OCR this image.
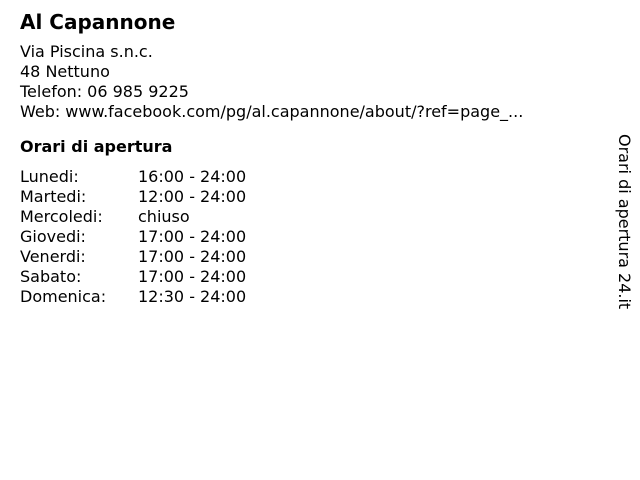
Al Capannone
Via Piscina s.n.c.
48 Nettuno
Telefon: 06 985 9225
Web: www.facebook.com/pg/al.capannone/about/?ref=page_...
Orari di apertura
Lunedi:	16:00 - 24:00
Martedi:	12:00 - 24:00
Mercoledi:	chiuso
Giovedi:	17:00 - 24:00
Venerdi:	17:00 - 24:00
Sabato:	17:00 - 24:00
Domenica:	12:30 - 24:00	Orari di apertura 24.it
